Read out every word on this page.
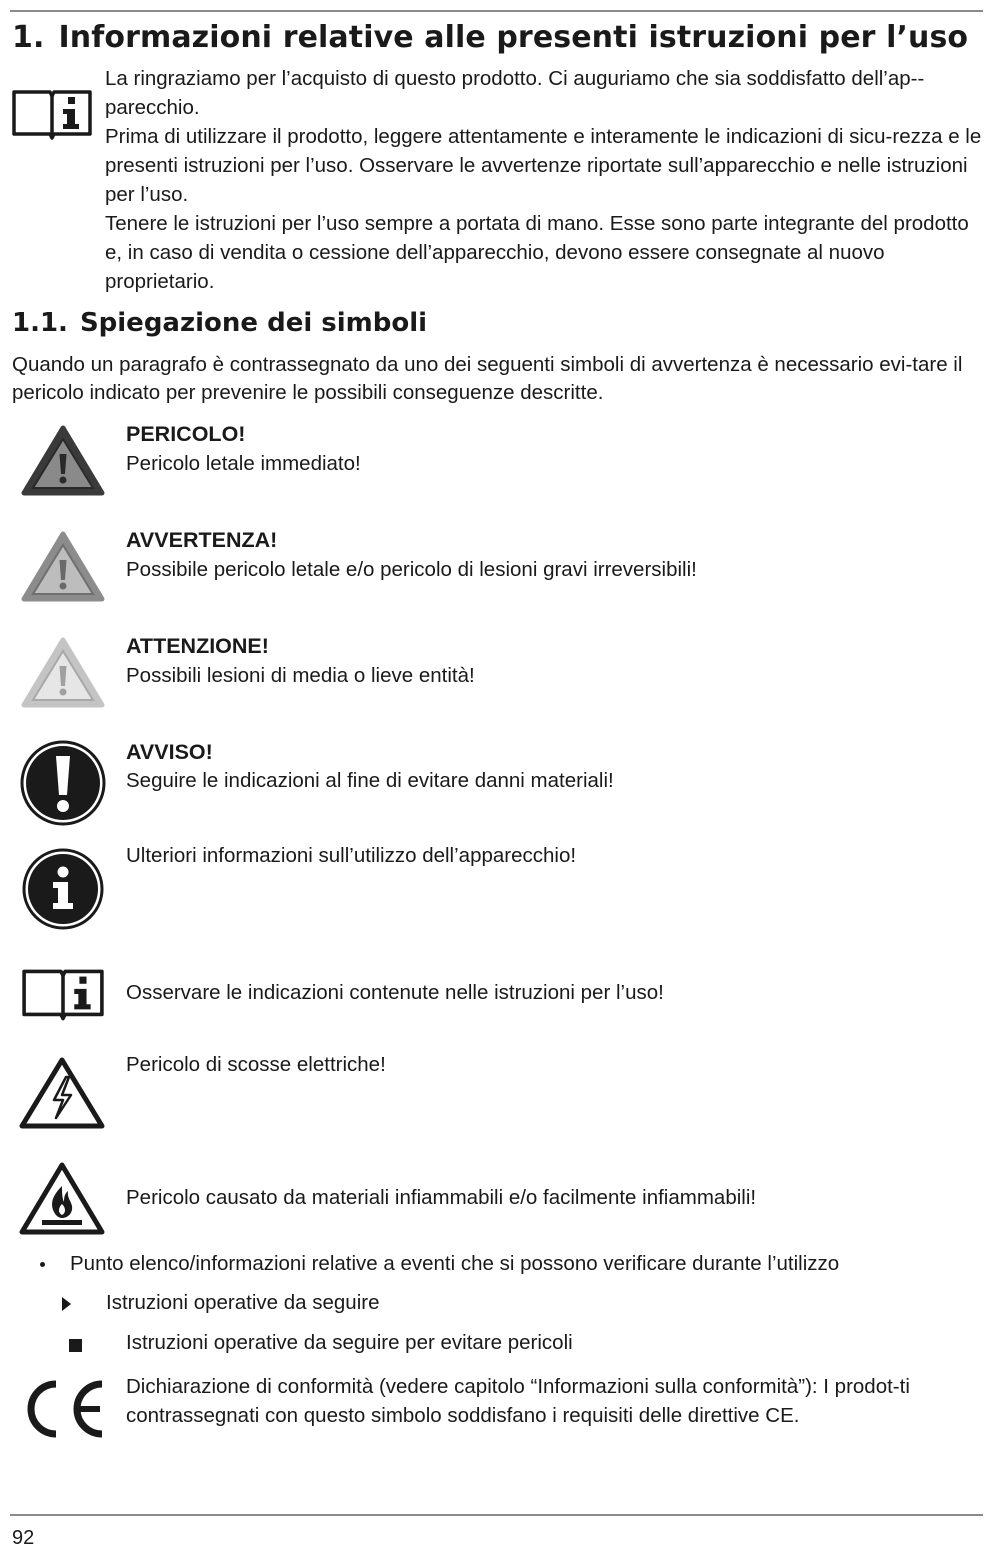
1. Informazioni relative alle presenti istruzioni per l’uso

La ringraziamo per l’acquisto di questo prodotto. Ci auguriamo che sia soddisfatto dell’ap-parecchio.

Prima di utilizzare il prodotto, leggere attentamente e interamente le indicazioni di sicu-rezza e le presenti istruzioni per l’uso. Osservare le avvertenze riportate sull’apparecchio e nelle istruzioni per l’uso.

Tenere le istruzioni per l’uso sempre a portata di mano. Esse sono parte integrante del prodotto e, in caso di vendita o cessione dell’apparecchio, devono essere consegnate al nuovo proprietario.

1.1. Spiegazione dei simboli

Quando un paragrafo è contrassegnato da uno dei seguenti simboli di avvertenza è necessario evi-tare il pericolo indicato per prevenire le possibili conseguenze descritte.

PERICOLO!
Pericolo letale immediato!
AVVERTENZA!
Possibile pericolo letale e/o pericolo di lesioni gravi irreversibili!
ATTENZIONE!
Possibili lesioni di media o lieve entità!
AVVISO!
Seguire le indicazioni al fine di evitare danni materiali!
Ulteriori informazioni sull’utilizzo dell’apparecchio!
Osservare le indicazioni contenute nelle istruzioni per l’uso!
Pericolo di scosse elettriche!
Pericolo causato da materiali infiammabili e/o facilmente infiammabili!
Punto elenco/informazioni relative a eventi che si possono verificare durante l’utilizzo
Istruzioni operative da seguire
Istruzioni operative da seguire per evitare pericoli

Dichiarazione di conformità (vedere capitolo “Informazioni sulla conformità”): I prodot-ti contrassegnati con questo simbolo soddisfano i requisiti delle direttive CE.

92
